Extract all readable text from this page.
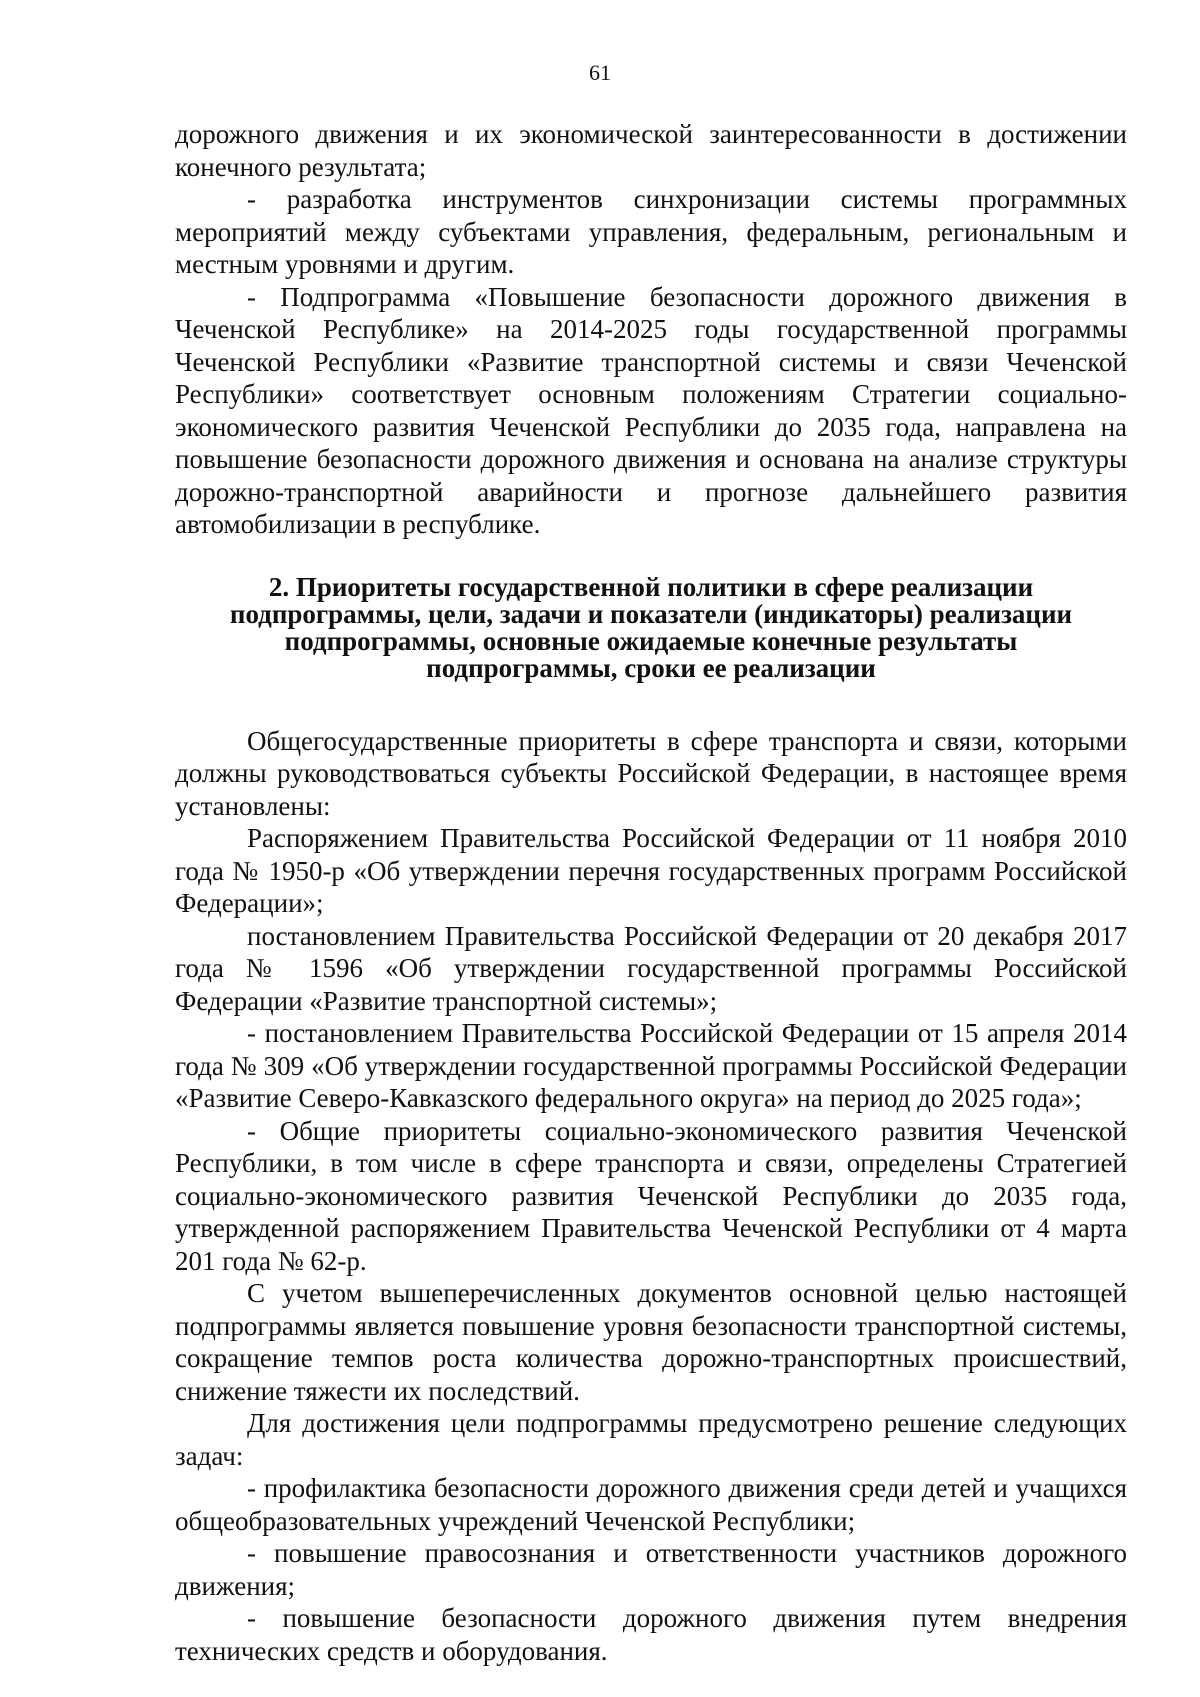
61

дорожного движения и их экономической заинтересованности в достижении конечного результата;

- разработка инструментов синхронизации системы программных мероприятий между субъектами управления, федеральным, региональным и местным уровнями и другим.

- Подпрограмма «Повышение безопасности дорожного движения в Чеченской Республике» на 2014-2025 годы государственной программы Чеченской Республики «Развитие транспортной системы и связи Чеченской Республики» соответствует основным положениям Стратегии социально-экономического развития Чеченской Республики до 2035 года, направлена на повышение безопасности дорожного движения и основана на анализе структуры дорожно-транспортной аварийности и прогнозе дальнейшего развития автомобилизации в республике.

2. Приоритеты государственной политики в сфере реализации
подпрограммы, цели, задачи и показатели (индикаторы) реализации
подпрограммы, основные ожидаемые конечные результаты
подпрограммы, сроки ее реализации

Общегосударственные приоритеты в сфере транспорта и связи, которыми должны руководствоваться субъекты Российской Федерации, в настоящее время установлены:

Распоряжением Правительства Российской Федерации от 11 ноября 2010 года № 1950-р «Об утверждении перечня государственных программ Российской Федерации»;

постановлением Правительства Российской Федерации от 20 декабря 2017 года № 1596 «Об утверждении государственной программы Российской Федерации «Развитие транспортной системы»;

- постановлением Правительства Российской Федерации от 15 апреля 2014 года № 309 «Об утверждении государственной программы Российской Федерации «Развитие Северо-Кавказского федерального округа» на период до 2025 года»;

- Общие приоритеты социально-экономического развития Чеченской Республики, в том числе в сфере транспорта и связи, определены Стратегией социально-экономического развития Чеченской Республики до 2035 года, утвержденной распоряжением Правительства Чеченской Республики от 4 марта 201 года № 62-р.

С учетом вышеперечисленных документов основной целью настоящей подпрограммы является повышение уровня безопасности транспортной системы, сокращение темпов роста количества дорожно-транспортных происшествий, снижение тяжести их последствий.

Для достижения цели подпрограммы предусмотрено решение следующих задач:

- профилактика безопасности дорожного движения среди детей и учащихся общеобразовательных учреждений Чеченской Республики;

- повышение правосознания и ответственности участников дорожного движения;

- повышение безопасности дорожного движения путем внедрения технических средств и оборудования.
